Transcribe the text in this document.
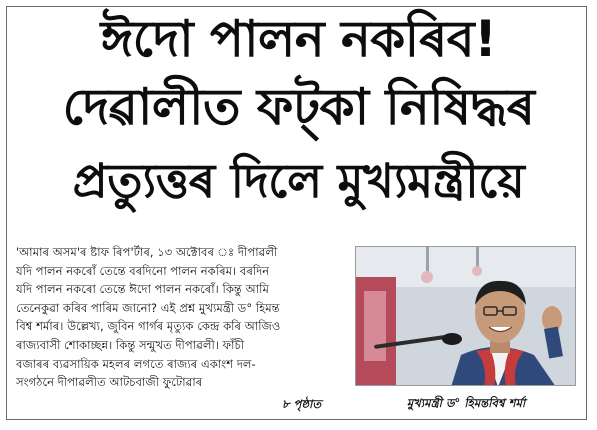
ঈদো পালন নকৰিব!
দেৱালীত ফট্কা নিষিদ্ধৰ
প্ৰত্যুত্তৰ দিলে মুখ্যমন্ত্ৰীয়ে
'আমাৰ অসম'ৰ ষ্টাফ ৰিপ'ৰ্টাৰ, ১৩ অক্টোবৰ ঃ দীপাৱলী
যদি পালন নকৰোঁ তেন্তে বৰদিনো পালন নকৰিম। বৰদিন
যদি পালন নকৰো তেন্তে ঈদো পালন নকৰোঁ। কিন্তু আমি
তেনেকুৱা কৰিব পাৰিম জানো? এই প্ৰশ্ন মুখ্যমন্ত্ৰী ড° হিমন্ত
বিশ্ব শৰ্মাৰ। উল্লেখ্য, জুবিন গাৰ্গৰ মৃত্যুক কেন্দ্ৰ কৰি আজিও
ৰাজ্যবাসী শোকাচ্ছন্ন। কিন্তু সন্মুখত দীপাৱলী। ফাঁচী
বজাৰৰ ব্যৱসায়িক মহলৰ লগতে ৰাজ্যৰ একাংশ দল-
সংগঠনে দীপাৱলীত আটচবাজী ফুটোৱাৰ
৮ পৃষ্ঠাত	মুখ্যমন্ত্ৰী ড° হিমন্তবিশ্ব শৰ্মা
